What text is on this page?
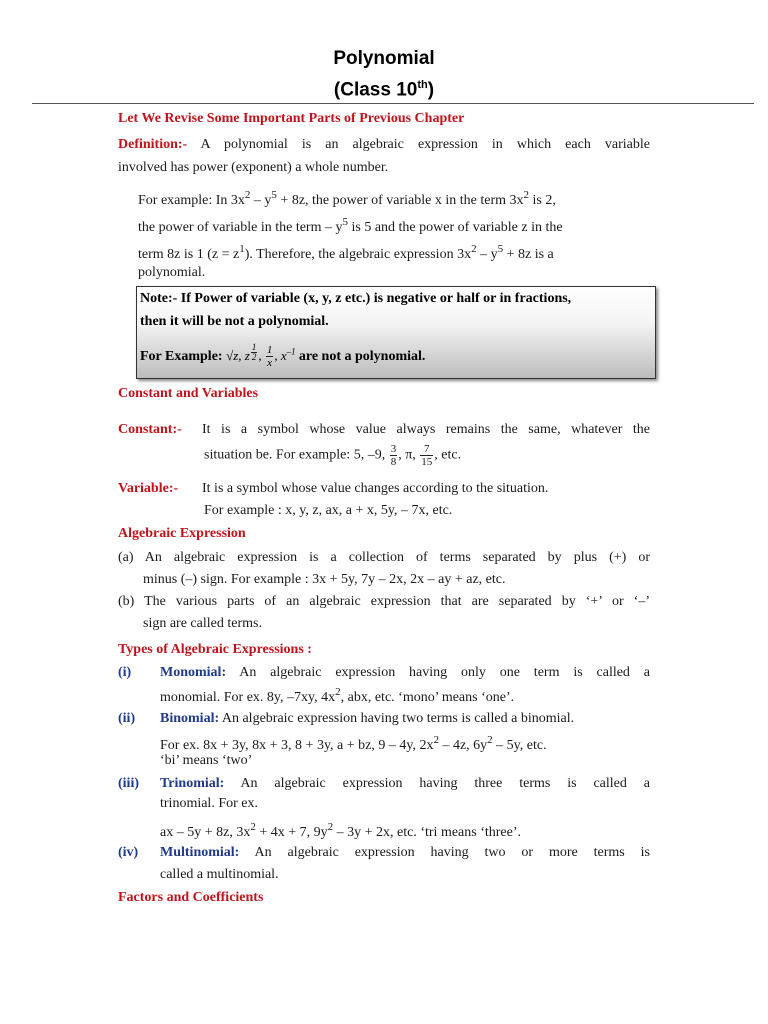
Polynomial
(Class 10th)
Let We Revise Some Important Parts of Previous Chapter
Definition:- A polynomial is an algebraic expression in which each variable
involved has power (exponent) a whole number.
For example: In $3x^2 - y^5 + 8z$, the power of variable x in the term $3x^2$ is 2,
the power of variable in the term – $y^5$ is 5 and the power of variable z in the
term 8z is 1 $(z = z^1)$. Therefore, the algebraic expression $3x^2 - y^5 + 8z$ is a
polynomial.
Note:- If Power of variable (x, y, z etc.) is negative or half or in fractions,
then it will be not a polynomial.
For Example: √z, z $^{\frac{1}{2}}$ , $\frac{1}{x}$ , $x^{-1}$ are not a polynomial.
Constant and Variables
Constant:- It is a symbol whose value always remains the same, whatever the
situation be. For example: 5, –9, $\frac{3}{8}$ , π, $\frac{7}{15}$ , etc.
Variable:- It is a symbol whose value changes according to the situation.
For example : x, y, z, ax, a + x, 5y, – 7x, etc.
Algebraic Expression
(a) An algebraic expression is a collection of terms separated by plus (+) or
minus (–) sign. For example : 3x + 5y, 7y – 2x, 2x – ay + az, etc.
(b) The various parts of an algebraic expression that are separated by ‘+’ or ‘–’
sign are called terms.
Types of Algebraic Expressions :
(i) Monomial: An algebraic expression having only one term is called a
monomial. For ex. 8y, –7xy, $4x^2$, abx, etc. ‘mono’ means ‘one’.
(ii) Binomial: An algebraic expression having two terms is called a binomial.
For ex. 8x + 3y, 8x + 3, 8 + 3y, a + bz, 9 – 4y, $2x^2 - 4z$, $6y^2 - 5y$, etc.
‘bi’ means ‘two’
(iii) Trinomial: An algebraic expression having three terms is called a
trinomial. For ex.
ax – 5y + 8z, $3x^2 + 4x + 7$, $9y^2 - 3y + 2x$, etc. ‘tri means ‘three’.
(iv) Multinomial: An algebraic expression having two or more terms is
called a multinomial.
Factors and Coefficients
